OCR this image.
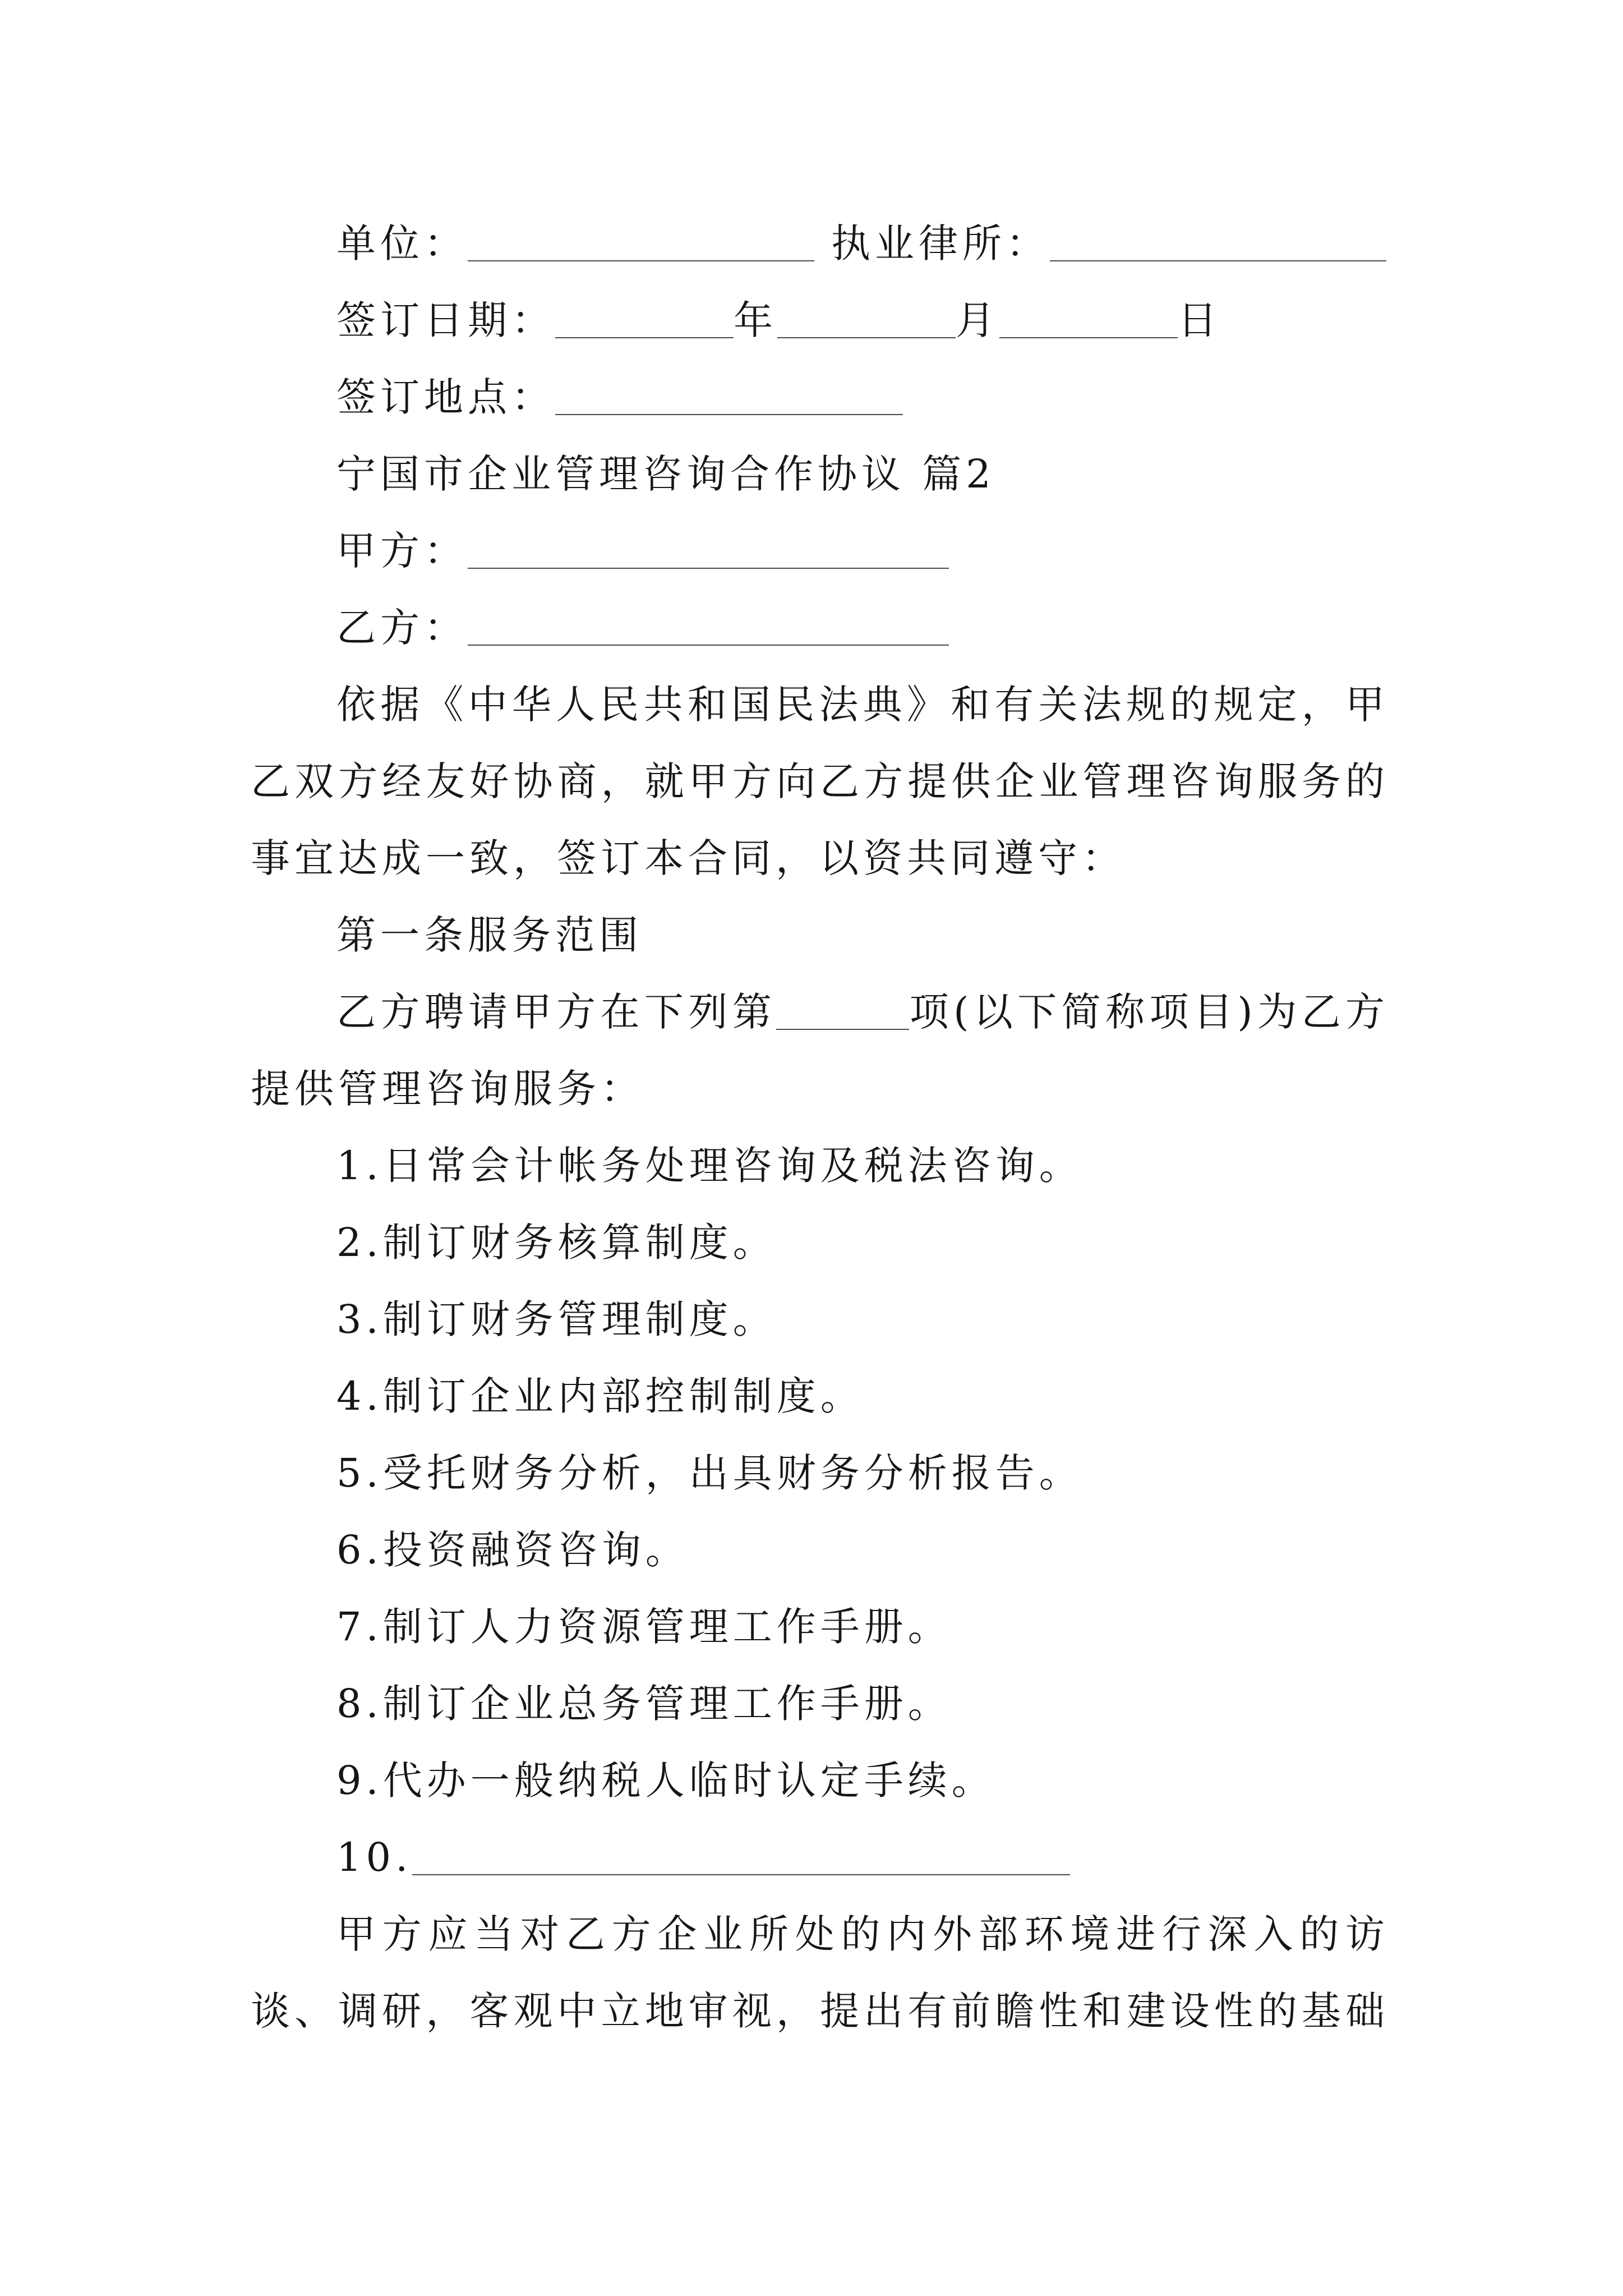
单位：	执业律所：
签订日期：	年	月	日
签订地点：
宁国市企业管理咨询合作协议 篇2
甲方：
乙方：
依据《中华人民共和国民法典》和有关法规的规定，甲
乙双方经友好协商，就甲方向乙方提供企业管理咨询服务的
事宜达成一致，签订本合同，以资共同遵守：
第一条服务范围
乙方聘请甲方在下列第	项(以下简称项目)为乙方
提供管理咨询服务：
1.日常会计帐务处理咨询及税法咨询。
2.制订财务核算制度。
3.制订财务管理制度。
4.制订企业内部控制制度。
5.受托财务分析，出具财务分析报告。
6.投资融资咨询。
7.制订人力资源管理工作手册。
8.制订企业总务管理工作手册。
9.代办一般纳税人临时认定手续。
10.
甲方应当对乙方企业所处的内外部环境进行深入的访
谈、调研，客观中立地审视，提出有前瞻性和建设性的基础
